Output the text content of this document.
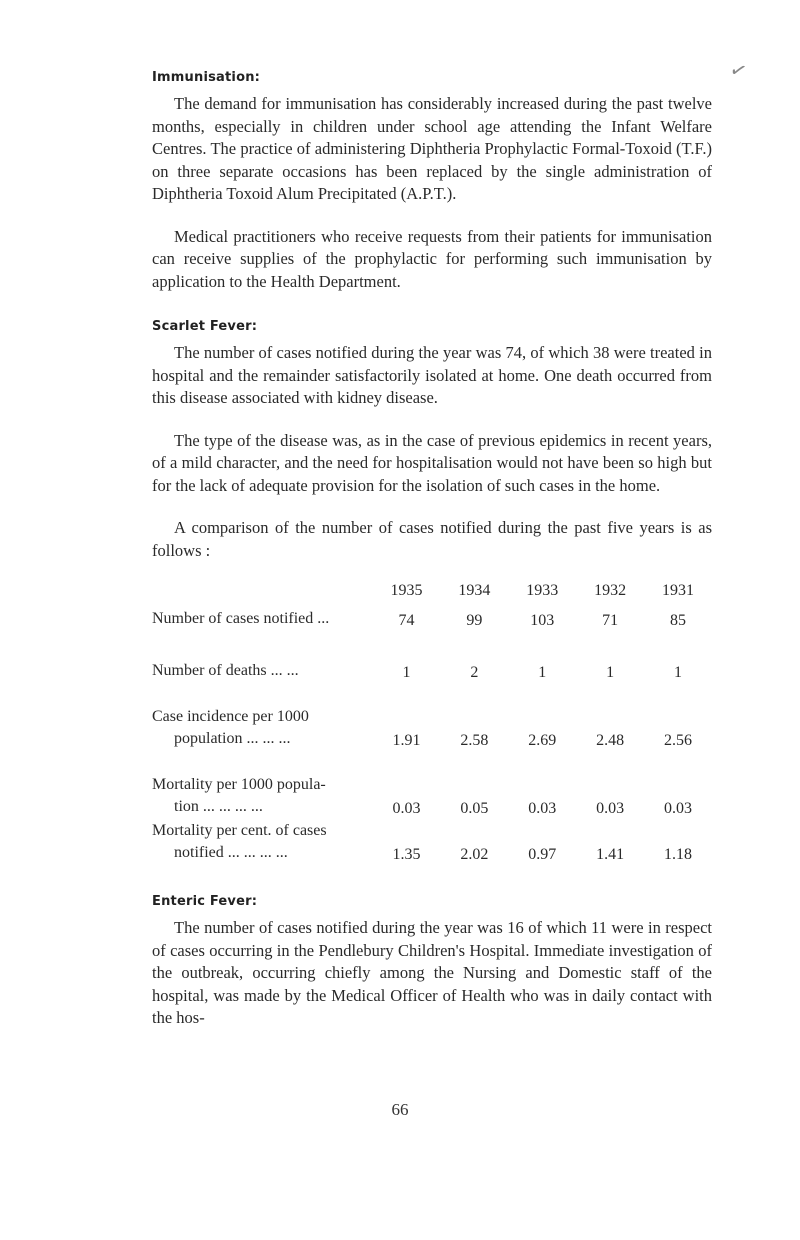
✓
Immunisation:

The demand for immunisation has considerably increased during the past twelve months, especially in children under school age attending the Infant Welfare Centres. The practice of administering Diphtheria Prophylactic Formal-Toxoid (T.F.) on three separate occasions has been replaced by the single administration of Diphtheria Toxoid Alum Precipitated (A.P.T.).

Medical practitioners who receive requests from their patients for immunisation can receive supplies of the prophylactic for performing such immunisation by application to the Health Department.

Scarlet Fever:

The number of cases notified during the year was 74, of which 38 were treated in hospital and the remainder satisfactorily isolated at home. One death occurred from this disease associated with kidney disease.

The type of the disease was, as in the case of previous epidemics in recent years, of a mild character, and the need for hospitalisation would not have been so high but for the lack of adequate provision for the isolation of such cases in the home.

A comparison of the number of cases notified during the past five years is as follows :

	1935	1934	1933	1932	1931
Number of cases notified ...	74	99	103	71	85
Number of deaths ... ...	1	2	1	1	1
Case incidence per 1000
population ... ... ...	1.91	2.58	2.69	2.48	2.56
Mortality per 1000 popula-
tion ... ... ... ...	0.03	0.05	0.03	0.03	0.03
Mortality per cent. of cases
notified ... ... ... ...	1.35	2.02	0.97	1.41	1.18
Enteric Fever:

The number of cases notified during the year was 16 of which 11 were in respect of cases occurring in the Pendlebury Children's Hospital. Immediate investigation of the outbreak, occurring chiefly among the Nursing and Domestic staff of the hospital, was made by the Medical Officer of Health who was in daily contact with the hos-

66
